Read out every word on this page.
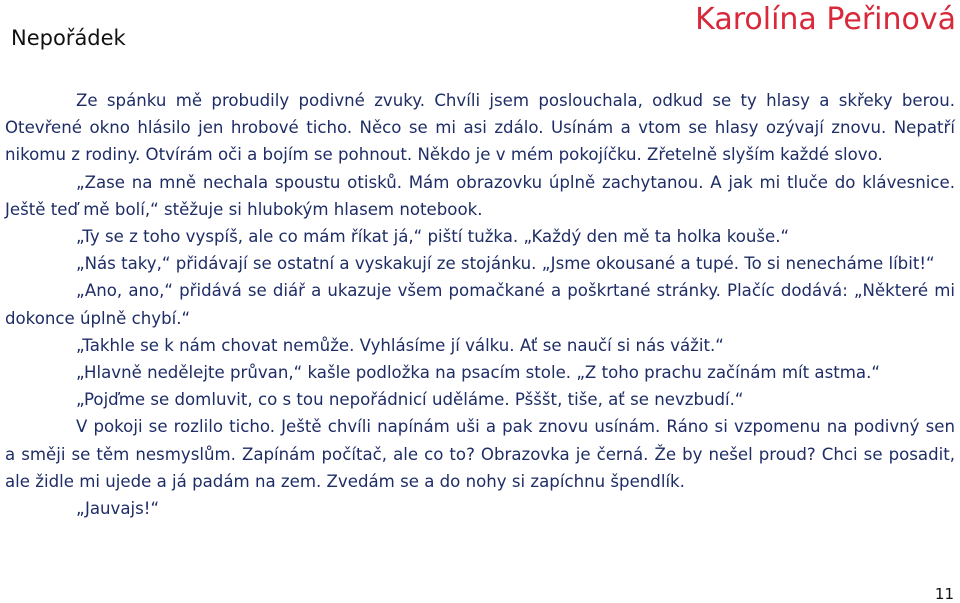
Nepořádek
Karolína Peřinová

Ze spánku mě probudily podivné zvuky. Chvíli jsem poslouchala, odkud se ty hlasy a skřeky berou. Otevřené okno hlásilo jen hrobové ticho. Něco se mi asi zdálo. Usínám a vtom se hlasy ozývají znovu. Nepatří nikomu z rodiny. Otvírám oči a bojím se pohnout. Někdo je v mém pokojíčku. Zřetelně slyším každé slovo.

„Zase na mně nechala spoustu otisků. Mám obrazovku úplně zachytanou. A jak mi tluče do klávesnice. Ještě teď mě bolí,“ stěžuje si hlubokým hlasem notebook.

„Ty se z toho vyspíš, ale co mám říkat já,“ piští tužka. „Každý den mě ta holka kouše.“

„Nás taky,“ přidávají se ostatní a vyskakují ze stojánku. „Jsme okousané a tupé. To si nenecháme líbit!“

„Ano, ano,“ přidává se diář a ukazuje všem pomačkané a poškrtané stránky. Plačíc dodává: „Některé mi dokonce úplně chybí.“

„Takhle se k nám chovat nemůže. Vyhlásíme jí válku. Ať se naučí si nás vážit.“

„Hlavně nedělejte průvan,“ kašle podložka na psacím stole. „Z toho prachu začínám mít astma.“

„Pojďme se domluvit, co s tou nepořádnicí uděláme. Pšššt, tiše, ať se nevzbudí.“

V pokoji se rozlilo ticho. Ještě chvíli napínám uši a pak znovu usínám. Ráno si vzpomenu na podivný sen a směji se těm nesmyslům. Zapínám počítač, ale co to? Obrazovka je černá. Že by nešel proud? Chci se posadit, ale židle mi ujede a já padám na zem. Zvedám se a do nohy si zapíchnu špendlík.

„Jauvajs!“

11
